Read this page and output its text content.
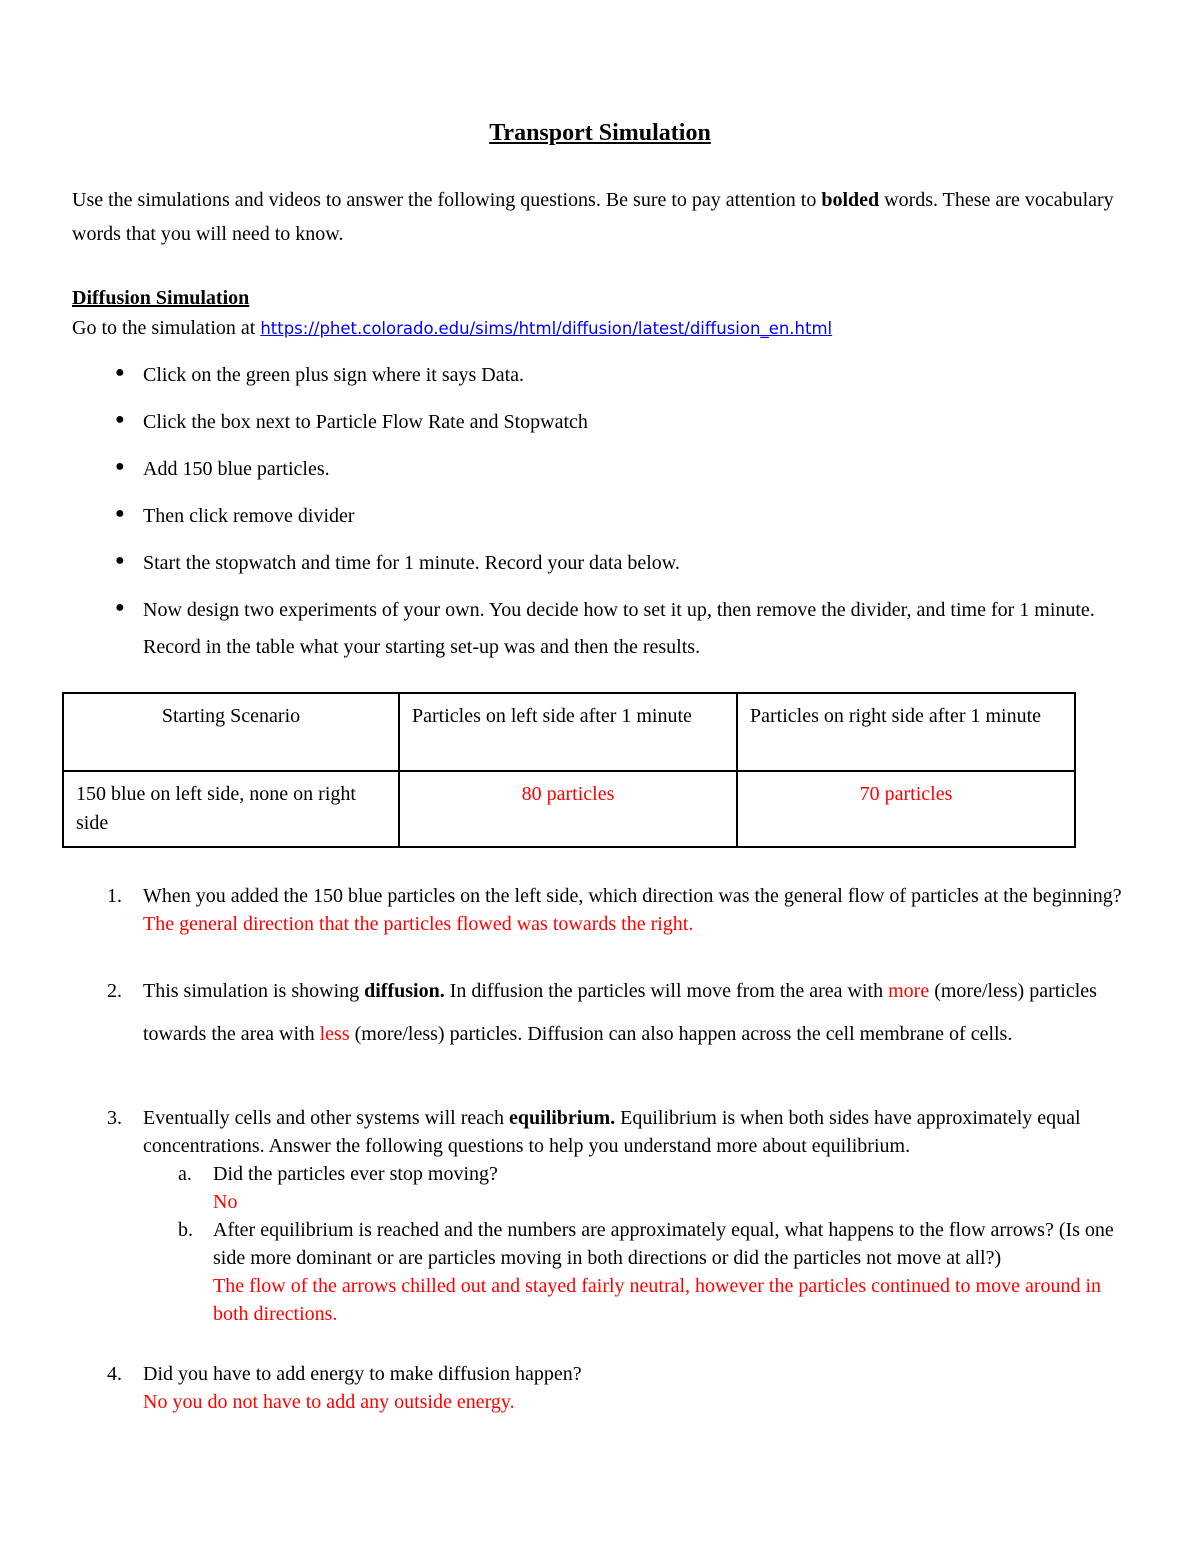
Transport Simulation

Use the simulations and videos to answer the following questions. Be sure to pay attention to bolded words. These are vocabulary words that you will need to know.

Diffusion Simulation

Go to the simulation at https://phet.colorado.edu/sims/html/diffusion/latest/diffusion_en.html

● Click on the green plus sign where it says Data.
● Click the box next to Particle Flow Rate and Stopwatch
● Add 150 blue particles.
● Then click remove divider
● Start the stopwatch and time for 1 minute. Record your data below.
● Now design two experiments of your own. You decide how to set it up, then remove the divider, and time for 1 minute. Record in the table what your starting set-up was and then the results.
Starting Scenario	Particles on left side after 1 minute	Particles on right side after 1 minute
150 blue on left side, none on right side	80 particles	70 particles
1.	When you added the 150 blue particles on the left side, which direction was the general flow of particles at the beginning?
The general direction that the particles flowed was towards the right.
2.	This simulation is showing diffusion. In diffusion the particles will move from the area with more (more/less) particles towards the area with less (more/less) particles. Diffusion can also happen across the cell membrane of cells.
3.	Eventually cells and other systems will reach equilibrium. Equilibrium is when both sides have approximately equal concentrations. Answer the following questions to help you understand more about equilibrium.
a.	Did the particles ever stop moving?
No
b.	After equilibrium is reached and the numbers are approximately equal, what happens to the flow arrows? (Is one side more dominant or are particles moving in both directions or did the particles not move at all?)
The flow of the arrows chilled out and stayed fairly neutral, however the particles continued to move around in both directions.
4.	Did you have to add energy to make diffusion happen?
No you do not have to add any outside energy.
